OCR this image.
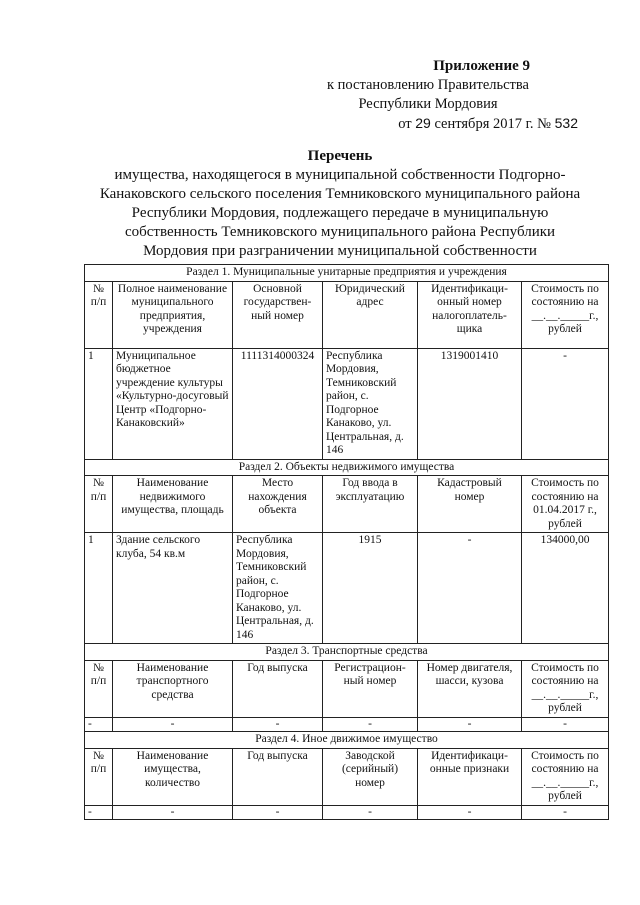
Приложение 9
к постановлению Правительства
Республики Мордовия
от 29 сентября 2017 г. № 532
Перечень
имущества, находящегося в муниципальной собственности Подгорно-
Канаковского сельского поселения Темниковского муниципального района
Республики Мордовия, подлежащего передаче в муниципальную
собственность Темниковского муниципального района Республики
Мордовия при разграничении муниципальной собственности
Раздел 1. Муниципальные унитарные предприятия и учреждения					
№ п/п	Полное наименование муниципального предприятия, учреждения	Основной государствен-ный номер	Юридический адрес	Идентификаци-онный номер налогоплатель-щика	Стоимость по состоянию на __.__._____г., рублей
1	Муниципальное бюджетное учреждение культуры «Культурно-досуговый Центр «Подгорно-Канаковский»	1111314000324	Республика Мордовия, Темниковский район, с. Подгорное Канаково, ул. Центральная, д. 146	1319001410	-
Раздел 2. Объекты недвижимого имущества					
№ п/п	Наименование недвижимого имущества, площадь	Место нахождения объекта	Год ввода в эксплуатацию	Кадастровый номер	Стоимость по состоянию на 01.04.2017 г., рублей
1	Здание сельского клуба, 54 кв.м	Республика Мордовия, Темниковский район, с. Подгорное Канаково, ул. Центральная, д. 146	1915	-	134000,00
Раздел 3. Транспортные средства					
№ п/п	Наименование транспортного средства	Год выпуска	Регистрацион-ный номер	Номер двигателя, шасси, кузова	Стоимость по состоянию на __.__._____г., рублей
-	-	-	-	-	-
Раздел 4. Иное движимое имущество					
№ п/п	Наименование имущества, количество	Год выпуска	Заводской (серийный) номер	Идентификаци-онные признаки	Стоимость по состоянию на __.__._____г., рублей
-	-	-	-	-	-
